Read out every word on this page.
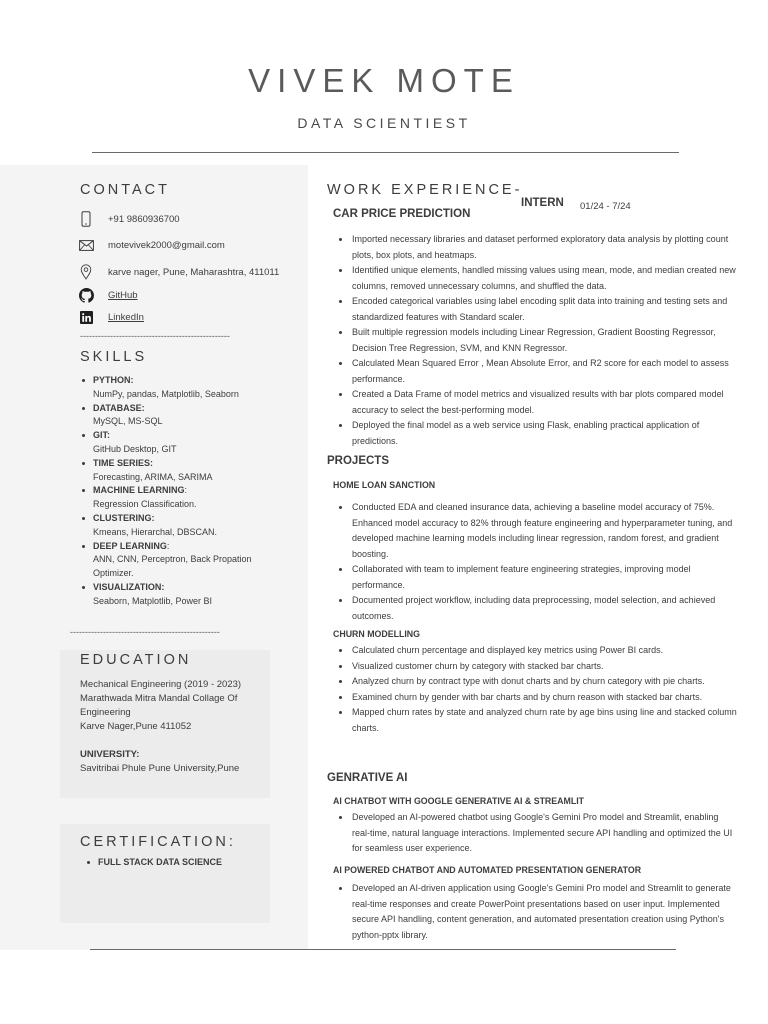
VIVEK MOTE
DATA SCIENTIEST
CONTACT
+91 9860936700
motevivek2000@gmail.com
karve nager, Pune, Maharashtra, 411011
GitHub
LinkedIn
--------------------------------------------------
SKILLS
PYTHON:
NumPy, pandas, Matplotlib, Seaborn
DATABASE:
MySQL, MS-SQL
GIT:
GitHub Desktop, GIT
TIME SERIES:
Forecasting, ARIMA, SARIMA
MACHINE LEARNING:
Regression Classification.
CLUSTERING:
Kmeans, Hierarchal, DBSCAN.
DEEP LEARNING:
ANN, CNN, Perceptron, Back Propation Optimizer.
VISUALIZATION:
Seaborn, Matplotlib, Power BI
--------------------------------------------------
EDUCATION
Mechanical Engineering (2019 - 2023)
Marathwada Mitra Mandal Collage Of Engineering
Karve Nager,Pune 411052
UNIVERSITY:
Savitribai Phule Pune University,Pune
CERTIFICATION:
FULL STACK DATA SCIENCE
WORK EXPERIENCE-
INTERN 01/24 - 7/24
CAR PRICE PREDICTION
Imported necessary libraries and dataset performed exploratory data analysis by plotting count plots, box plots, and heatmaps.
Identified unique elements, handled missing values using mean, mode, and median created new columns, removed unnecessary columns, and shuffled the data.
Encoded categorical variables using label encoding split data into training and testing sets and standardized features with Standard scaler.
Built multiple regression models including Linear Regression, Gradient Boosting Regressor, Decision Tree Regression, SVM, and KNN Regressor.
Calculated Mean Squared Error , Mean Absolute Error, and R2 score for each model to assess performance.
Created a Data Frame of model metrics and visualized results with bar plots compared model accuracy to select the best-performing model.
Deployed the final model as a web service using Flask, enabling practical application of predictions.
PROJECTS
HOME LOAN SANCTION
Conducted EDA and cleaned insurance data, achieving a baseline model accuracy of 75%. Enhanced model accuracy to 82% through feature engineering and hyperparameter tuning, and developed machine learning models including linear regression, random forest, and gradient boosting.
Collaborated with team to implement feature engineering strategies, improving model performance.
Documented project workflow, including data preprocessing, model selection, and achieved outcomes.
CHURN MODELLING
Calculated churn percentage and displayed key metrics using Power BI cards.
Visualized customer churn by category with stacked bar charts.
Analyzed churn by contract type with donut charts and by churn category with pie charts.
Examined churn by gender with bar charts and by churn reason with stacked bar charts.
Mapped churn rates by state and analyzed churn rate by age bins using line and stacked column charts.
GENRATIVE AI
AI CHATBOT WITH GOOGLE GENERATIVE AI & STREAMLIT
Developed an AI-powered chatbot using Google's Gemini Pro model and Streamlit, enabling real-time, natural language interactions. Implemented secure API handling and optimized the UI for seamless user experience.
AI POWERED CHATBOT AND AUTOMATED PRESENTATION GENERATOR
Developed an AI-driven application using Google's Gemini Pro model and Streamlit to generate real-time responses and create PowerPoint presentations based on user input. Implemented secure API handling, content generation, and automated presentation creation using Python's python-pptx library.
